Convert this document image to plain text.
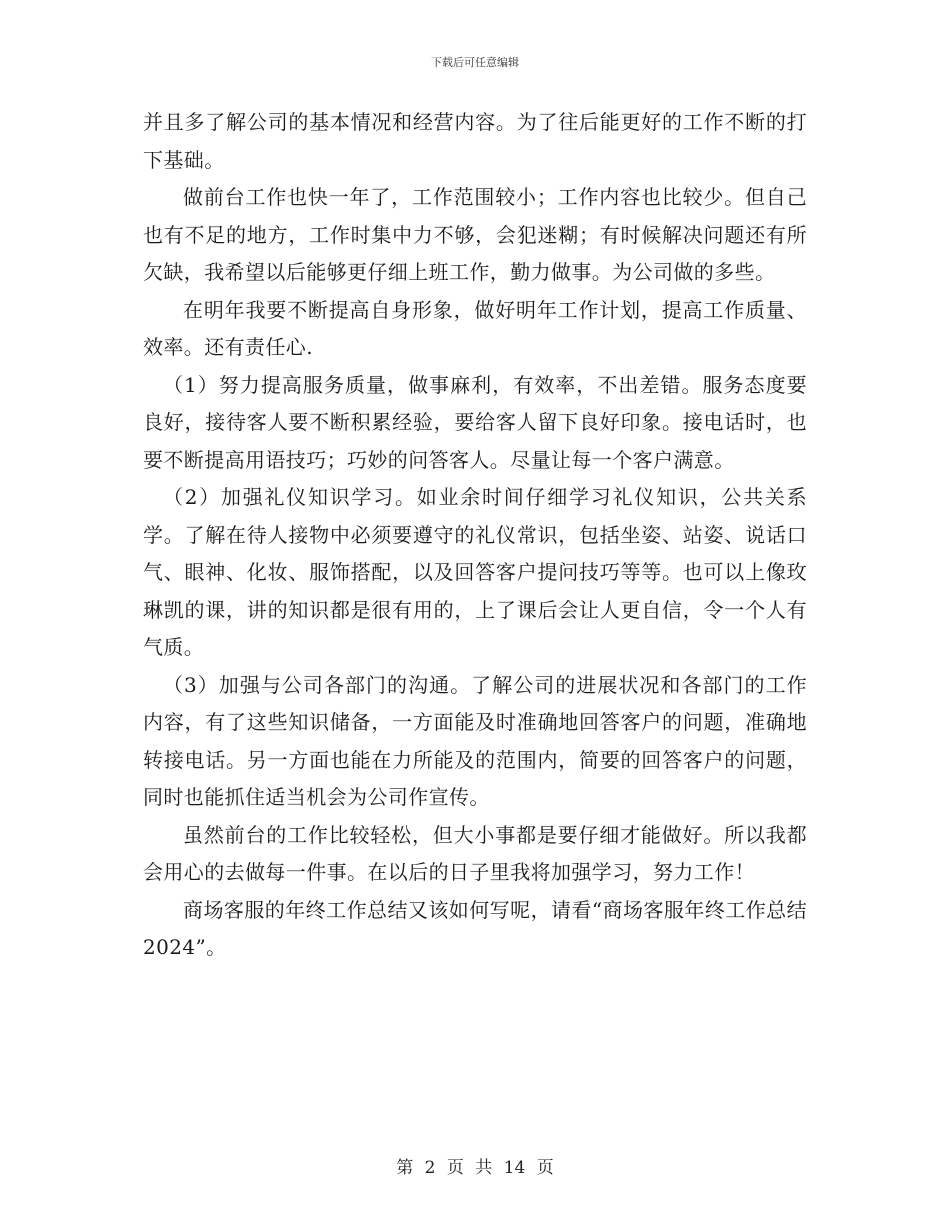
下载后可任意编辑

并且多了解公司的基本情况和经营内容。为了往后能更好的工作不断的打下基础。

做前台工作也快一年了，工作范围较小；工作内容也比较少。但自己也有不足的地方，工作时集中力不够，会犯迷糊；有时候解决问题还有所欠缺，我希望以后能够更仔细上班工作，勤力做事。为公司做的多些。

在明年我要不断提高自身形象，做好明年工作计划，提高工作质量、效率。还有责任心.

（1）努力提高服务质量，做事麻利，有效率，不出差错。服务态度要良好，接待客人要不断积累经验，要给客人留下良好印象。接电话时，也要不断提高用语技巧；巧妙的问答客人。尽量让每一个客户满意。

（2）加强礼仪知识学习。如业余时间仔细学习礼仪知识，公共关系学。了解在待人接物中必须要遵守的礼仪常识，包括坐姿、站姿、说话口气、眼神、化妆、服饰搭配，以及回答客户提问技巧等等。也可以上像玫琳凯的课，讲的知识都是很有用的，上了课后会让人更自信，令一个人有气质。

（3）加强与公司各部门的沟通。了解公司的进展状况和各部门的工作内容，有了这些知识储备，一方面能及时准确地回答客户的问题，准确地转接电话。另一方面也能在力所能及的范围内，简要的回答客户的问题，同时也能抓住适当机会为公司作宣传。

虽然前台的工作比较轻松，但大小事都是要仔细才能做好。所以我都会用心的去做每一件事。在以后的日子里我将加强学习，努力工作！

商场客服的年终工作总结又该如何写呢，请看“商场客服年终工作总结2024”。

第 2 页 共 14 页
